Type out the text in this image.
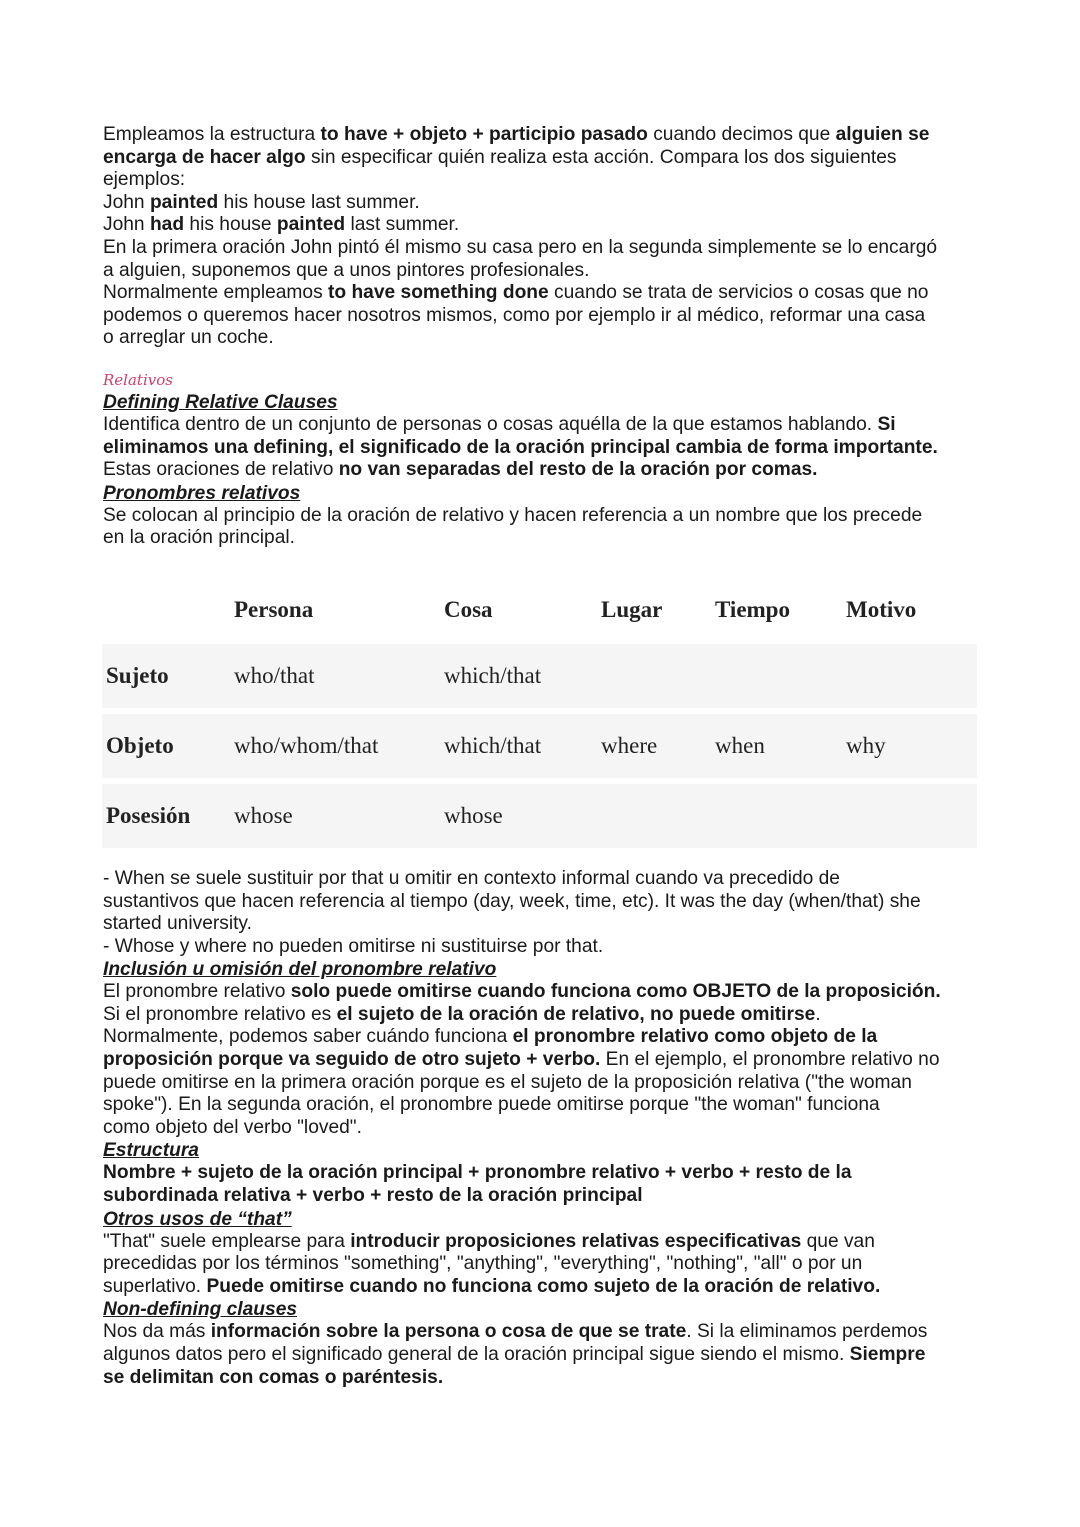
Empleamos la estructura to have + objeto + participio pasado cuando decimos que alguien se

encarga de hacer algo sin especificar quién realiza esta acción. Compara los dos siguientes

ejemplos:

John painted his house last summer.

John had his house painted last summer.

En la primera oración John pintó él mismo su casa pero en la segunda simplemente se lo encargó

a alguien, suponemos que a unos pintores profesionales.

Normalmente empleamos to have something done cuando se trata de servicios o cosas que no

podemos o queremos hacer nosotros mismos, como por ejemplo ir al médico, reformar una casa

o arreglar un coche.

Relativos

Defining Relative Clauses

Identifica dentro de un conjunto de personas o cosas aquélla de la que estamos hablando. Si

eliminamos una defining, el significado de la oración principal cambia de forma importante.

Estas oraciones de relativo no van separadas del resto de la oración por comas.

Pronombres relativos

Se colocan al principio de la oración de relativo y hacen referencia a un nombre que los precede

en la oración principal.

	Persona	Cosa	Lugar	Tiempo	Motivo
Sujeto	who/that	which/that			
Objeto	who/whom/that	which/that	where	when	why
Posesión	whose	whose			

- When se suele sustituir por that u omitir en contexto informal cuando va precedido de

sustantivos que hacen referencia al tiempo (day, week, time, etc). It was the day (when/that) she

started university.

- Whose y where no pueden omitirse ni sustituirse por that.

Inclusión u omisión del pronombre relativo

El pronombre relativo solo puede omitirse cuando funciona como OBJETO de la proposición.

Si el pronombre relativo es el sujeto de la oración de relativo, no puede omitirse.

Normalmente, podemos saber cuándo funciona el pronombre relativo como objeto de la

proposición porque va seguido de otro sujeto + verbo. En el ejemplo, el pronombre relativo no

puede omitirse en la primera oración porque es el sujeto de la proposición relativa ("the woman

spoke"). En la segunda oración, el pronombre puede omitirse porque "the woman" funciona

como objeto del verbo "loved".

Estructura

Nombre + sujeto de la oración principal + pronombre relativo + verbo + resto de la

subordinada relativa + verbo + resto de la oración principal

Otros usos de “that”

"That" suele emplearse para introducir proposiciones relativas especificativas que van

precedidas por los términos "something", "anything", "everything", "nothing", "all" o por un

superlativo. Puede omitirse cuando no funciona como sujeto de la oración de relativo.

Non-defining clauses

Nos da más información sobre la persona o cosa de que se trate. Si la eliminamos perdemos

algunos datos pero el significado general de la oración principal sigue siendo el mismo. Siempre

se delimitan con comas o paréntesis.
